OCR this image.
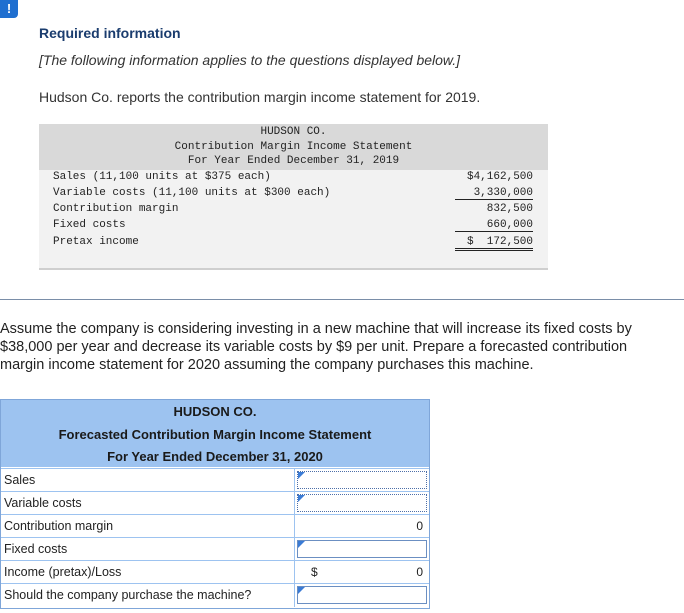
!
Required information
[The following information applies to the questions displayed below.]
Hudson Co. reports the contribution margin income statement for 2019.
HUDSON CO.
Contribution Margin Income Statement
For Year Ended December 31, 2019
Sales (11,100 units at $375 each)	$4,162,500
Variable costs (11,100 units at $300 each)	3,330,000
Contribution margin	832,500
Fixed costs	660,000
Pretax income	$  172,500

Assume the company is considering investing in a new machine that will increase its fixed costs by

$38,000 per year and decrease its variable costs by $9 per unit. Prepare a forecasted contribution

margin income statement for 2020 assuming the company purchases this machine.

HUDSON CO.
Forecasted Contribution Margin Income Statement
For Year Ended December 31, 2020
Sales
Variable costs
Contribution margin	0
Fixed costs
Income (pretax)/Loss	$	0
Should the company purchase the machine?
